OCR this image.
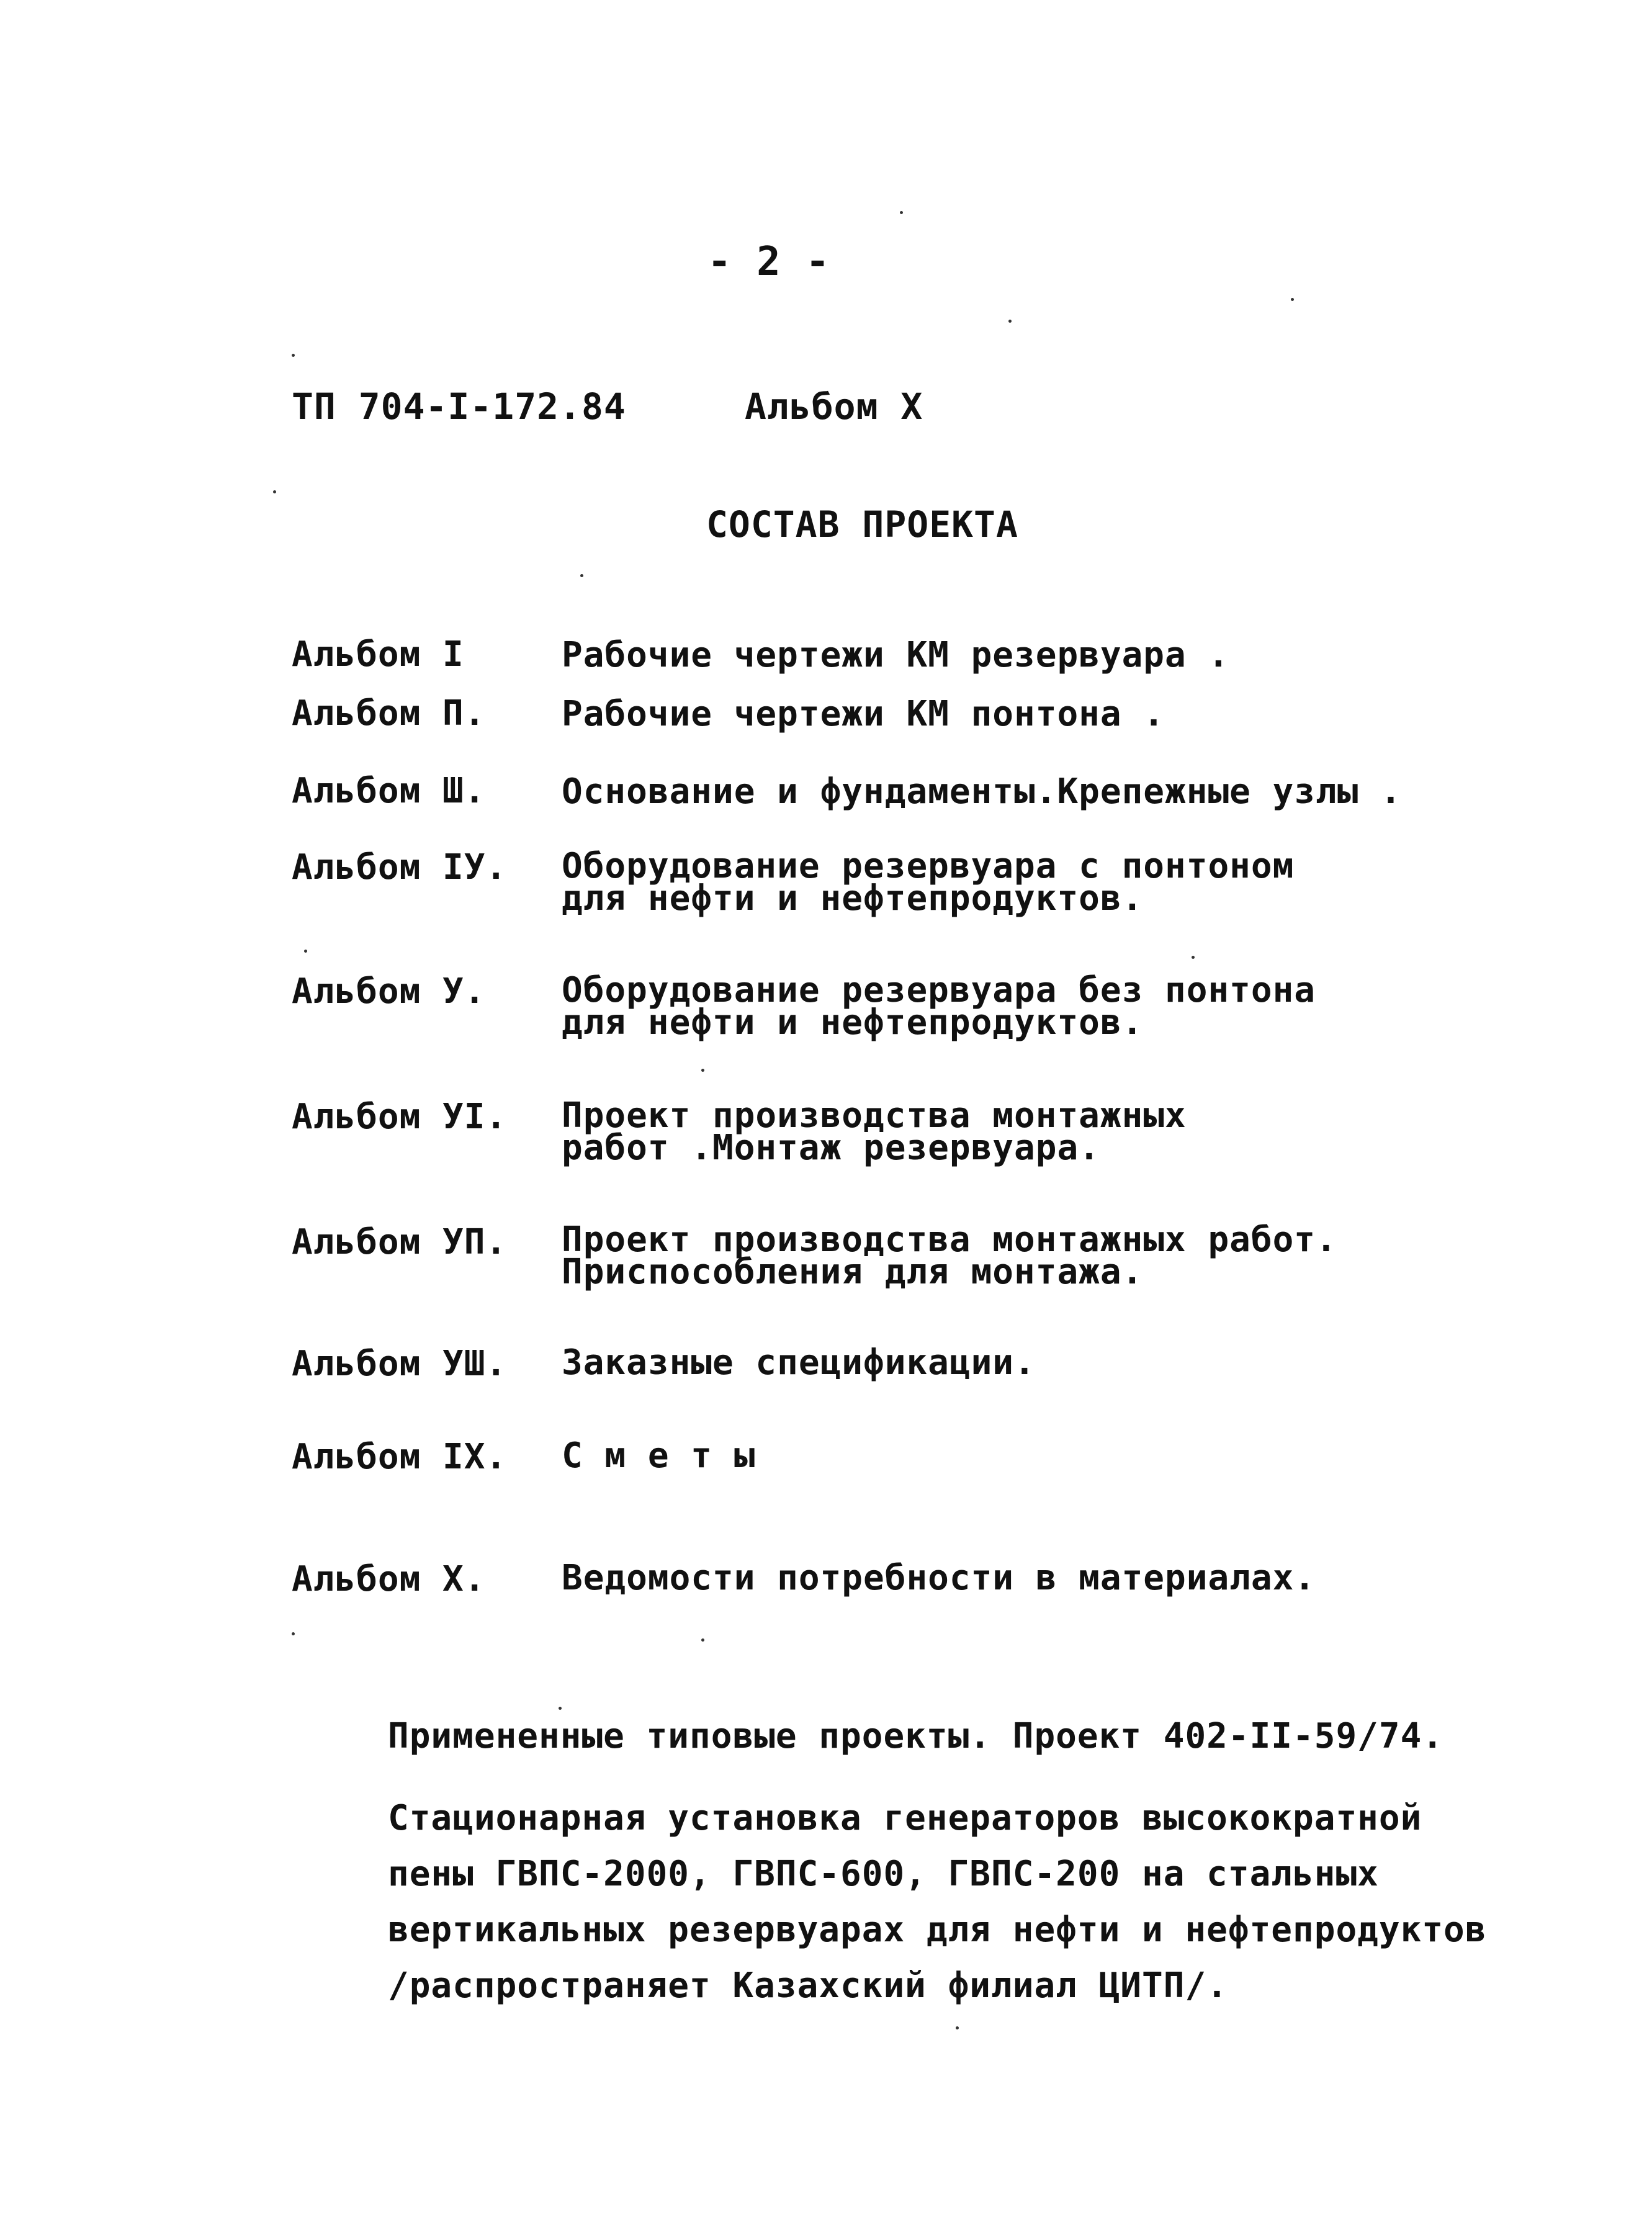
- 2 -
ТП 704-I-172.84	Альбом X
СОСТАВ ПРОЕКТА
Альбом I	Рабочие чертежи КМ резервуара .
Альбом П. Рабочие чертежи КМ понтона .
Альбом Ш. Основание и фундаменты.Крепежные узлы .
Альбом IУ. Оборудование резервуара с понтоном
для нефти и нефтепродуктов.
Альбом У. Оборудование резервуара без понтона
для нефти и нефтепродуктов.
Альбом УI. Проект производства монтажных
работ .Монтаж резервуара.
Альбом УП. Проект производства монтажных работ.
Приспособления для монтажа.
Альбом УШ. Заказные спецификации.
Альбом IX. С м е т ы
Альбом X. Ведомости потребности в материалах.
Примененные типовые проекты. Проект 402-II-59/74.
Стационарная установка генераторов высокократной
пены ГВПС-2000, ГВПС-600, ГВПС-200 на стальных
вертикальных резервуарах для нефти и нефтепродуктов
/распространяет Казахский филиал ЦИТП/.
